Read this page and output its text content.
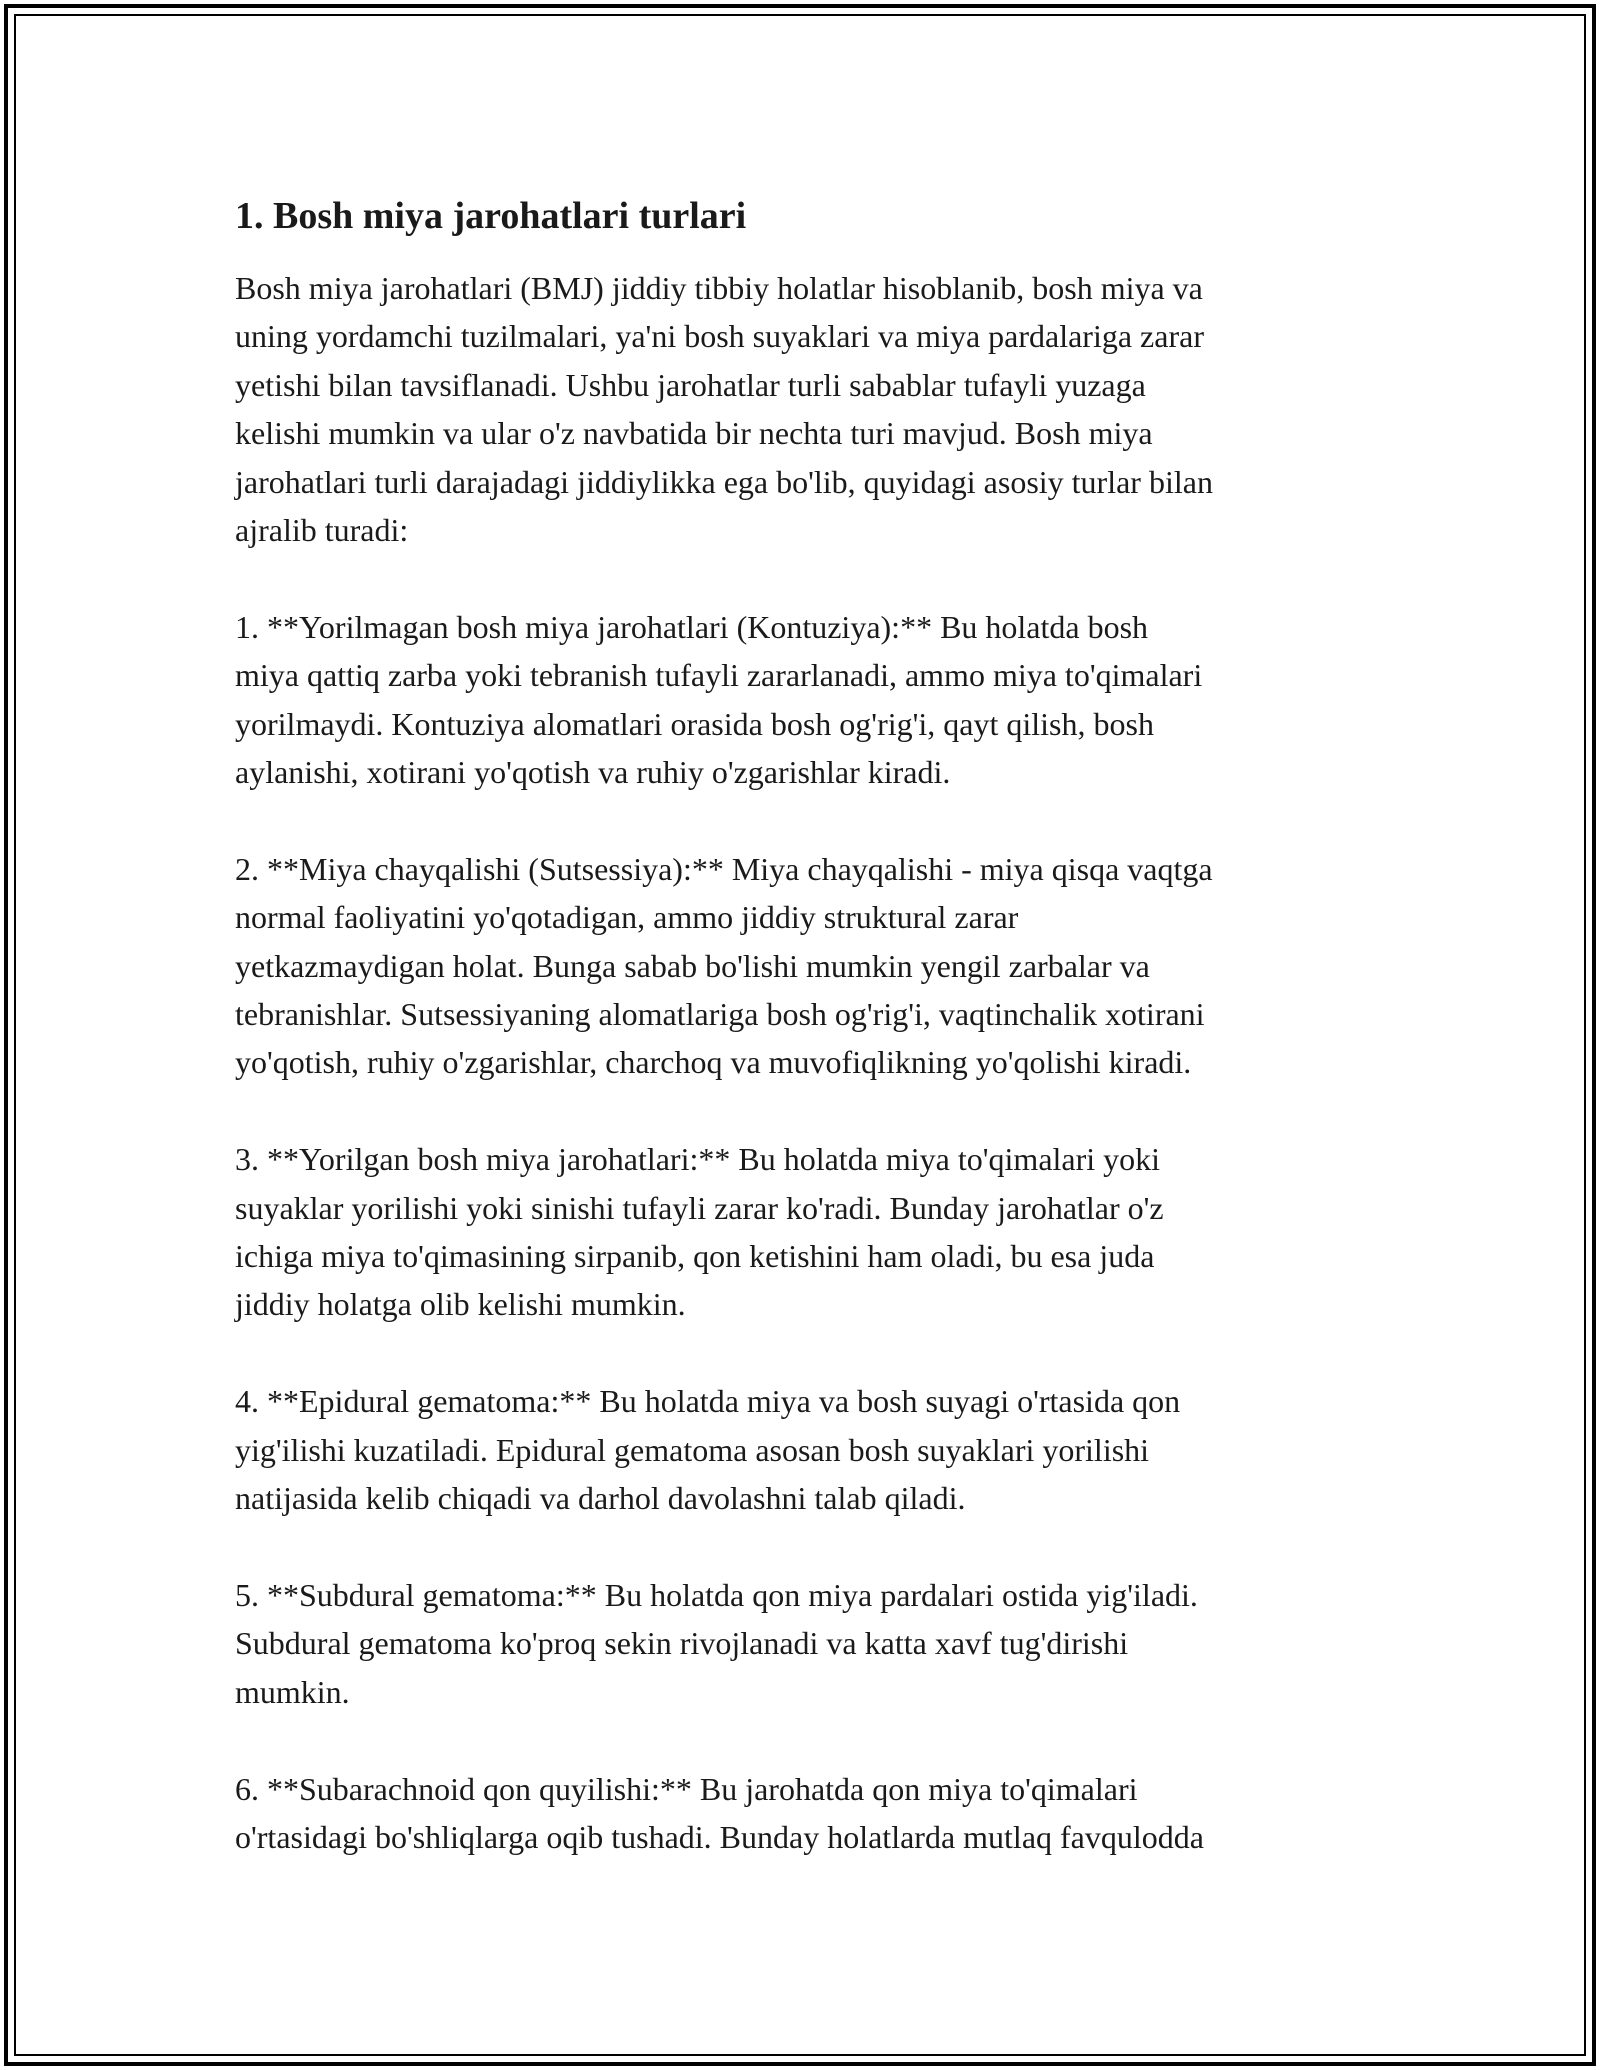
1. Bosh miya jarohatlari turlari

Bosh miya jarohatlari (BMJ) jiddiy tibbiy holatlar hisoblanib, bosh miya va
uning yordamchi tuzilmalari, ya'ni bosh suyaklari va miya pardalariga zarar
yetishi bilan tavsiflanadi. Ushbu jarohatlar turli sabablar tufayli yuzaga
kelishi mumkin va ular o'z navbatida bir nechta turi mavjud. Bosh miya
jarohatlari turli darajadagi jiddiylikka ega bo'lib, quyidagi asosiy turlar bilan
ajralib turadi:

1. **Yorilmagan bosh miya jarohatlari (Kontuziya):** Bu holatda bosh
miya qattiq zarba yoki tebranish tufayli zararlanadi, ammo miya to'qimalari
yorilmaydi. Kontuziya alomatlari orasida bosh og'rig'i, qayt qilish, bosh
aylanishi, xotirani yo'qotish va ruhiy o'zgarishlar kiradi.

2. **Miya chayqalishi (Sutsessiya):** Miya chayqalishi - miya qisqa vaqtga
normal faoliyatini yo'qotadigan, ammo jiddiy struktural zarar
yetkazmaydigan holat. Bunga sabab bo'lishi mumkin yengil zarbalar va
tebranishlar. Sutsessiyaning alomatlariga bosh og'rig'i, vaqtinchalik xotirani
yo'qotish, ruhiy o'zgarishlar, charchoq va muvofiqlikning yo'qolishi kiradi.

3. **Yorilgan bosh miya jarohatlari:** Bu holatda miya to'qimalari yoki
suyaklar yorilishi yoki sinishi tufayli zarar ko'radi. Bunday jarohatlar o'z
ichiga miya to'qimasining sirpanib, qon ketishini ham oladi, bu esa juda
jiddiy holatga olib kelishi mumkin.

4. **Epidural gematoma:** Bu holatda miya va bosh suyagi o'rtasida qon
yig'ilishi kuzatiladi. Epidural gematoma asosan bosh suyaklari yorilishi
natijasida kelib chiqadi va darhol davolashni talab qiladi.

5. **Subdural gematoma:** Bu holatda qon miya pardalari ostida yig'iladi.
Subdural gematoma ko'proq sekin rivojlanadi va katta xavf tug'dirishi
mumkin.

6. **Subarachnoid qon quyilishi:** Bu jarohatda qon miya to'qimalari
o'rtasidagi bo'shliqlarga oqib tushadi. Bunday holatlarda mutlaq favqulodda
